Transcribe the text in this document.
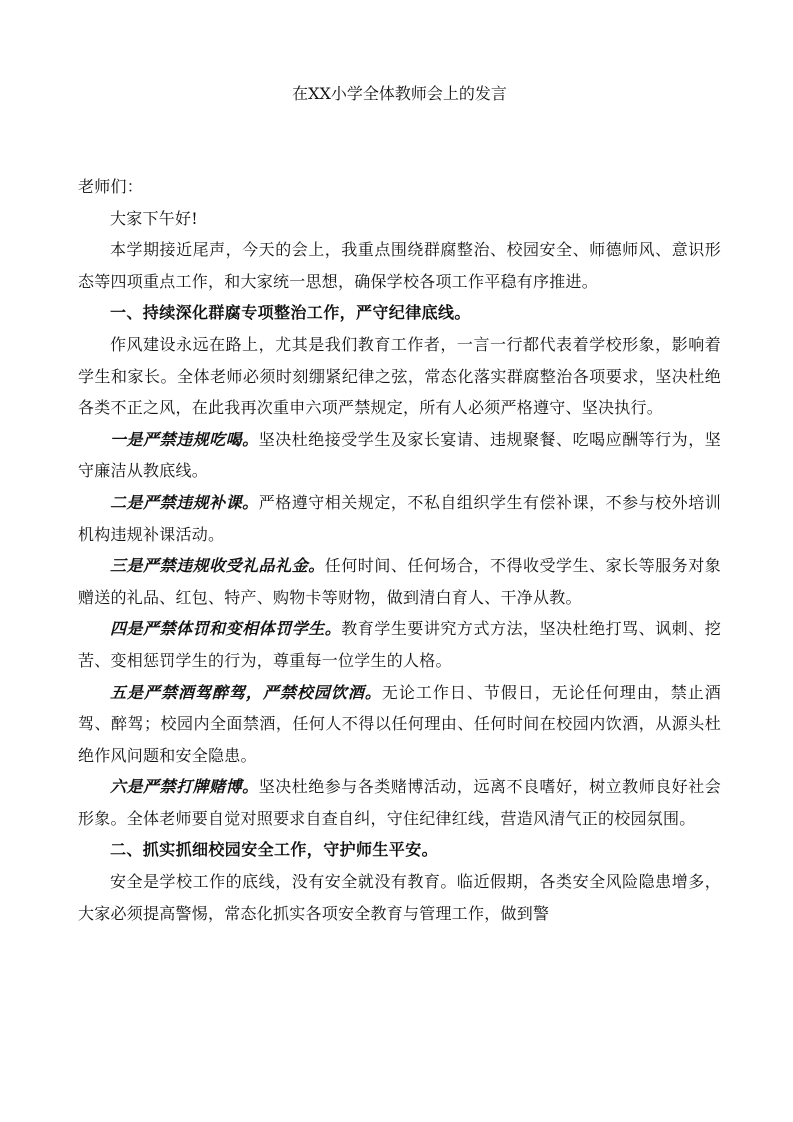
在XX小学全体教师会上的发言

老师们：

大家下午好!

本学期接近尾声，今天的会上，我重点围绕群腐整治、校园安全、师德师风、意识形态等四项重点工作，和大家统一思想，确保学校各项工作平稳有序推进。

一、持续深化群腐专项整治工作，严守纪律底线。

作风建设永远在路上，尤其是我们教育工作者，一言一行都代表着学校形象，影响着学生和家长。全体老师必须时刻绷紧纪律之弦，常态化落实群腐整治各项要求，坚决杜绝各类不正之风，在此我再次重申六项严禁规定，所有人必须严格遵守、坚决执行。

一是严禁违规吃喝。坚决杜绝接受学生及家长宴请、违规聚餐、吃喝应酬等行为，坚守廉洁从教底线。

二是严禁违规补课。严格遵守相关规定，不私自组织学生有偿补课，不参与校外培训机构违规补课活动。

三是严禁违规收受礼品礼金。任何时间、任何场合，不得收受学生、家长等服务对象赠送的礼品、红包、特产、购物卡等财物，做到清白育人、干净从教。

四是严禁体罚和变相体罚学生。教育学生要讲究方式方法，坚决杜绝打骂、讽刺、挖苦、变相惩罚学生的行为，尊重每一位学生的人格。

五是严禁酒驾醉驾，严禁校园饮酒。无论工作日、节假日，无论任何理由，禁止酒驾、醉驾；校园内全面禁酒，任何人不得以任何理由、任何时间在校园内饮酒，从源头杜绝作风问题和安全隐患。

六是严禁打牌赌博。坚决杜绝参与各类赌博活动，远离不良嗜好，树立教师良好社会形象。全体老师要自觉对照要求自查自纠，守住纪律红线，营造风清气正的校园氛围。

二、抓实抓细校园安全工作，守护师生平安。

安全是学校工作的底线，没有安全就没有教育。临近假期，各类安全风险隐患增多，大家必须提高警惕，常态化抓实各项安全教育与管理工作，做到警
